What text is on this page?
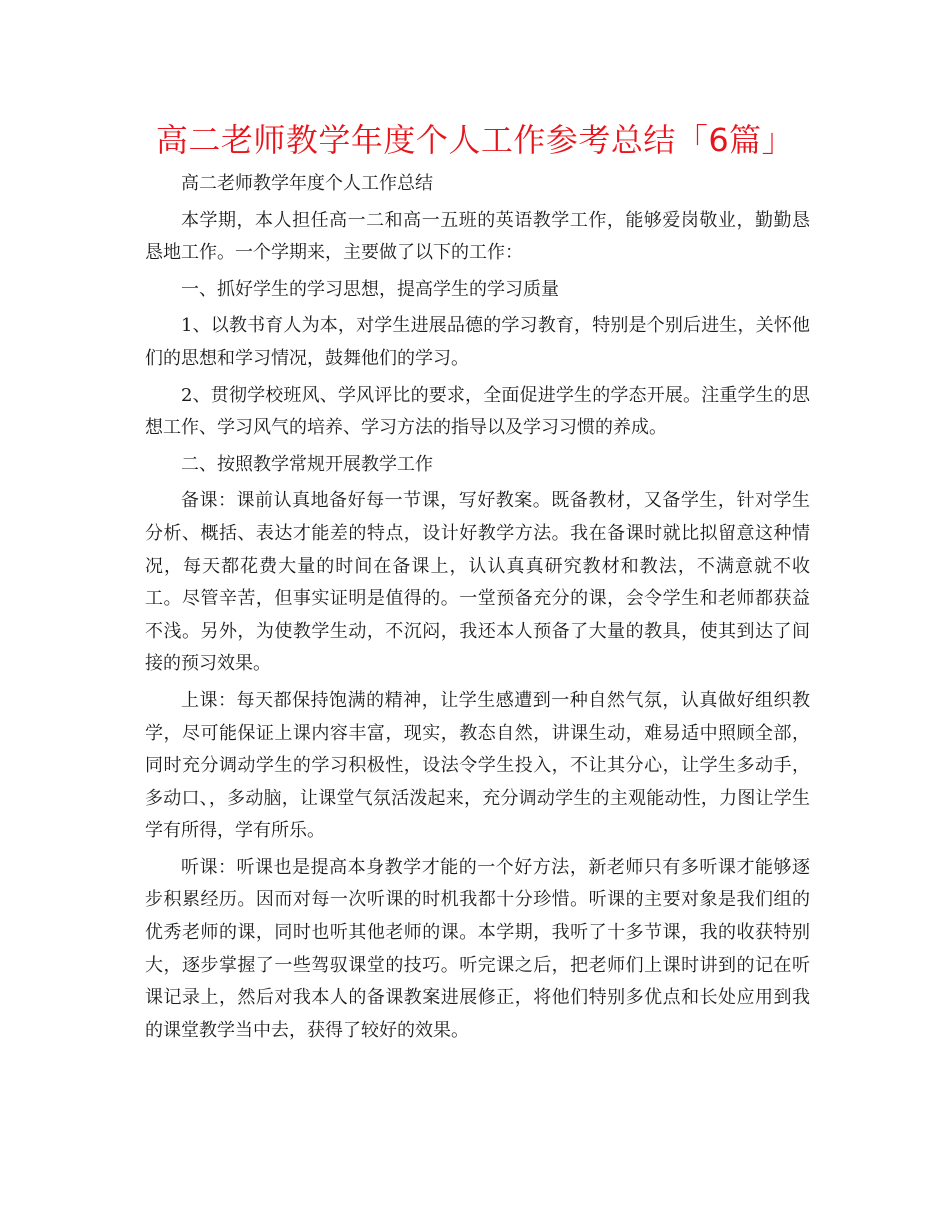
高二老师教学年度个人工作参考总结「6篇」

高二老师教学年度个人工作总结

本学期，本人担任高一二和高一五班的英语教学工作，能够爱岗敬业，勤勤恳恳地工作。一个学期来，主要做了以下的工作：

一、抓好学生的学习思想，提高学生的学习质量

1、以教书育人为本，对学生进展品德的学习教育，特别是个别后进生，关怀他们的思想和学习情况，鼓舞他们的学习。

2、贯彻学校班风、学风评比的要求，全面促进学生的学态开展。注重学生的思想工作、学习风气的培养、学习方法的指导以及学习习惯的养成。

二、按照教学常规开展教学工作

备课：课前认真地备好每一节课，写好教案。既备教材，又备学生，针对学生分析、概括、表达才能差的特点，设计好教学方法。我在备课时就比拟留意这种情况，每天都花费大量的时间在备课上，认认真真研究教材和教法，不满意就不收工。尽管辛苦，但事实证明是值得的。一堂预备充分的课，会令学生和老师都获益不浅。另外，为使教学生动，不沉闷，我还本人预备了大量的教具，使其到达了间接的预习效果。

上课：每天都保持饱满的精神，让学生感遭到一种自然气氛，认真做好组织教学，尽可能保证上课内容丰富，现实，教态自然，讲课生动，难易适中照顾全部，同时充分调动学生的学习积极性，设法令学生投入，不让其分心，让学生多动手，多动口、，多动脑，让课堂气氛活泼起来，充分调动学生的主观能动性，力图让学生学有所得，学有所乐。

听课：听课也是提高本身教学才能的一个好方法，新老师只有多听课才能够逐步积累经历。因而对每一次听课的时机我都十分珍惜。听课的主要对象是我们组的优秀老师的课，同时也听其他老师的课。本学期，我听了十多节课，我的收获特别大，逐步掌握了一些驾驭课堂的技巧。听完课之后，把老师们上课时讲到的记在听课记录上，然后对我本人的备课教案进展修正，将他们特别多优点和长处应用到我的课堂教学当中去，获得了较好的效果。
